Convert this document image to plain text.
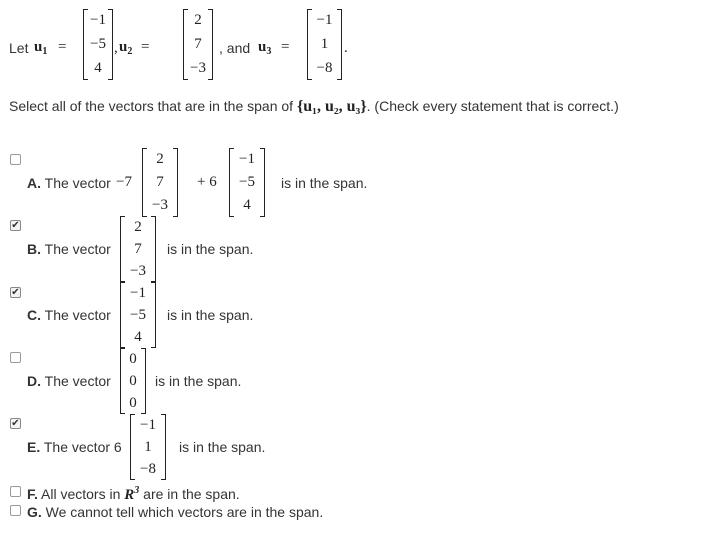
Let $u_1$ =
−1
−5
4
, $u_2$ =
2
7
−3
, and $u_3$ =
−1
1
−8
.
Select all of the vectors that are in the span of {u₁, u₂, u₃}. (Check every statement that is correct.)
A. The vector −7
2
7
−3
+ 6
−1
−5
4
is in the span.
✔
B. The vector
2
7
−3
is in the span.
✔
C. The vector
−1
−5
4
is in the span.
D. The vector
0
0
0
is in the span.
✔
E. The vector 6
−1
1
−8
is in the span.
F. All vectors in $R^3$ are in the span.
G. We cannot tell which vectors are in the span.
